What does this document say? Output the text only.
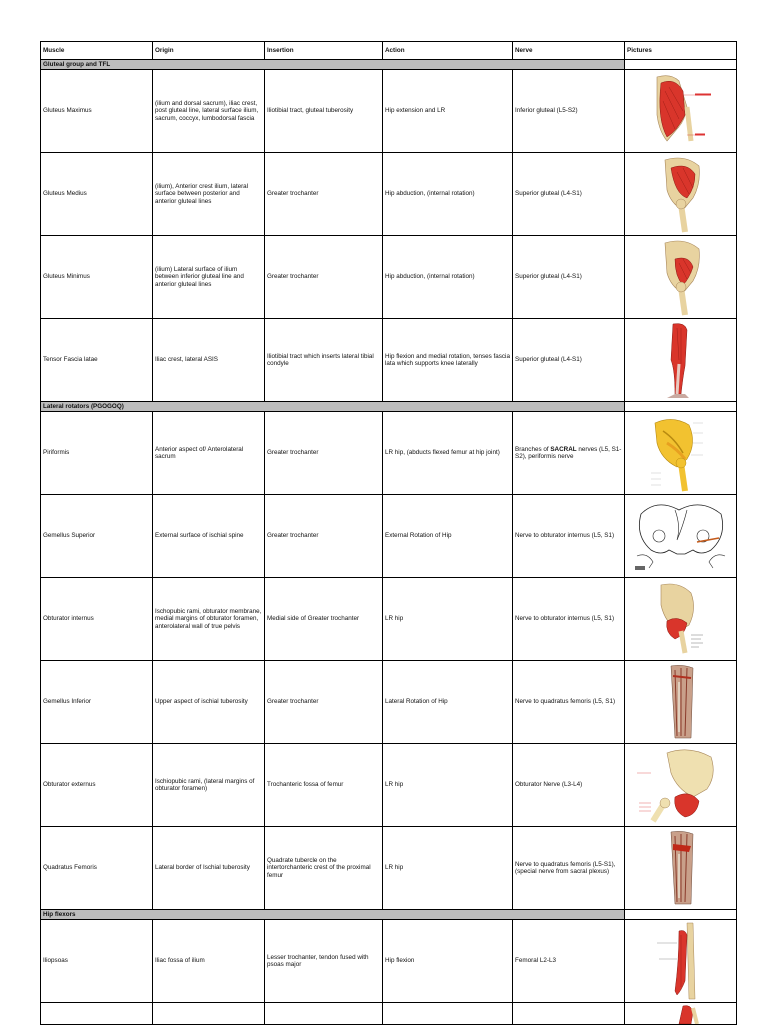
Muscle	Origin	Insertion	Action	Nerve	Pictures
Gluteal group and TFL					
Gluteus Maximus	(ilium and dorsal sacrum), iliac crest, post gluteal line, lateral surface ilium, sacrum, coccyx, lumbodorsal fascia	Iliotibial tract, gluteal tuberosity	Hip extension and LR	Inferior gluteal (L5-S2)	

Gluteus Medius	(ilium), Anterior crest ilium, lateral surface between posterior and anterior gluteal lines	Greater trochanter	Hip abduction, (internal rotation)	Superior gluteal (L4-S1)	

Gluteus Minimus	(ilium) Lateral surface of ilium between inferior gluteal line and anterior gluteal lines	Greater trochanter	Hip abduction, (internal rotation)	Superior gluteal (L4-S1)	

Tensor Fascia latae	Iliac crest, lateral ASIS	Iliotibial tract which inserts lateral tibial condyle	Hip flexion and medial rotation, tenses fascia lata which supports knee laterally	Superior gluteal (L4-S1)	

Lateral rotators (PGOGOQ)					
Piriformis	Anterior aspect of/ Anterolateral sacrum	Greater trochanter	LR hip, (abducts flexed femur at hip joint)	Branches of SACRAL nerves (L5, S1-S2), periformis nerve	

Gemellus Superior	External surface of ischial spine	Greater trochanter	External Rotation of Hip	Nerve to obturator internus (L5, S1)	

Obturator internus	Ischopubic rami, obturator membrane, medial margins of obturator foramen, anterolateral wall of true pelvis	Medial side of Greater trochanter	LR hip	Nerve to obturator internus (L5, S1)	

Gemellus Inferior	Upper aspect of ischial tuberosity	Greater trochanter	Lateral Rotation of Hip	Nerve to quadratus femoris (L5, S1)	

Obturator externus	Ischiopubic rami, (lateral margins of obturator foramen)	Trochanteric fossa of femur	LR hip	Obturator Nerve (L3-L4)	

Quadratus Femoris	Lateral border of Ischial tuberosity	Quadrate tubercle on the intertorchanteric crest of the proximal femur	LR hip	Nerve to quadratus femoris (L5-S1), (special nerve from sacral plexus)	

Hip flexors					
Iliopsoas	Iliac fossa of ilium	Lesser trochanter, tendon fused with psoas major	Hip flexion	Femoral L2-L3	
